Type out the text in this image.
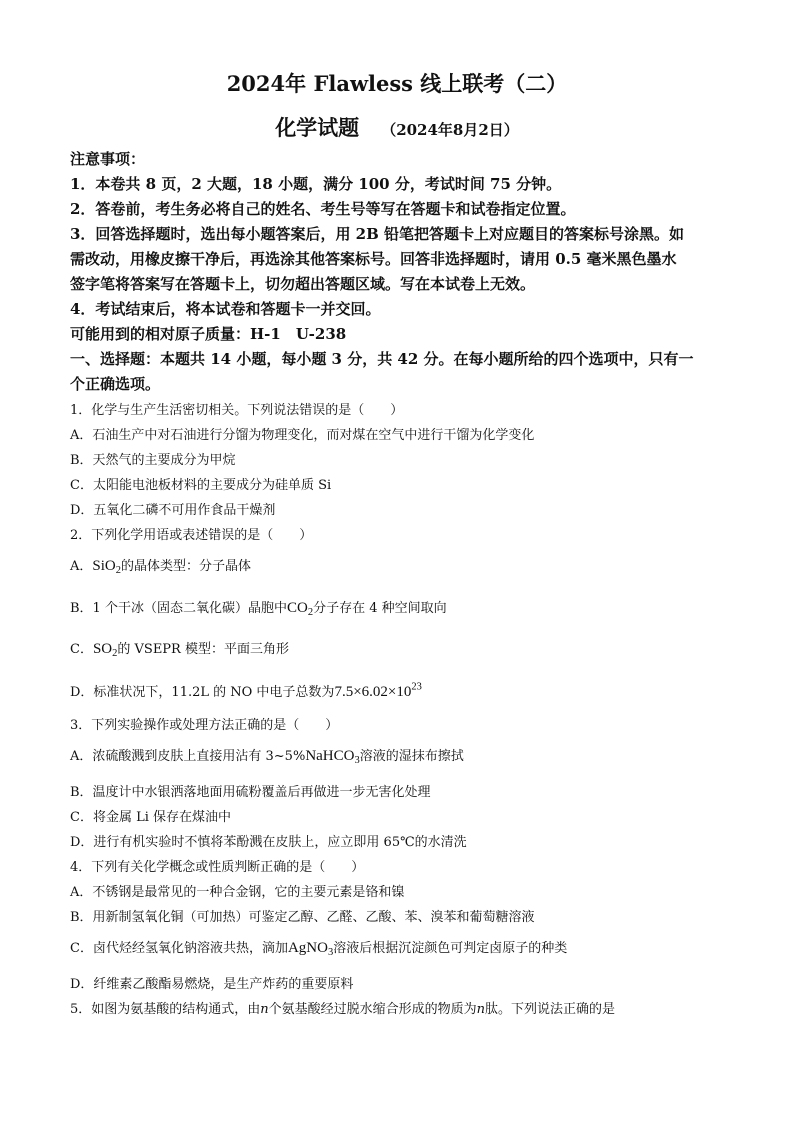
2024年 Flawless 线上联考（二）
化学试题 （2024年8月2日）
注意事项：
1．本卷共 8 页，2 大题，18 小题，满分 100 分，考试时间 75 分钟。
2．答卷前，考生务必将自己的姓名、考生号等写在答题卡和试卷指定位置。
3．回答选择题时，选出每小题答案后，用 2B 铅笔把答题卡上对应题目的答案标号涂黑。如
需改动，用橡皮擦干净后，再选涂其他答案标号。回答非选择题时，请用 0.5 毫米黑色墨水
签字笔将答案写在答题卡上，切勿超出答题区域。写在本试卷上无效。
4．考试结束后，将本试卷和答题卡一并交回。
可能用到的相对原子质量：H-1　U-238
一、选择题：本题共 14 小题，每小题 3 分，共 42 分。在每小题所给的四个选项中，只有一
个正确选项。
1．化学与生产生活密切相关。下列说法错误的是（　　）
A．石油生产中对石油进行分馏为物理变化，而对煤在空气中进行干馏为化学变化
B．天然气的主要成分为甲烷
C．太阳能电池板材料的主要成分为硅单质 Si
D．五氧化二磷不可用作食品干燥剂
2．下列化学用语或表述错误的是（　　）
A．SiO$_2$的晶体类型：分子晶体
B．1 个干冰（固态二氧化碳）晶胞中$CO_2$分子存在 4 种空间取向
C．$SO_2$的 VSEPR 模型：平面三角形
D．标准状况下，11.2L 的 NO 中电子总数为$7.5\times 6.02\times 10^{23}$
3．下列实验操作或处理方法正确的是（　　）
A．浓硫酸溅到皮肤上直接用沾有 3~5%NaHCO$_3$溶液的湿抹布擦拭
B．温度计中水银洒落地面用硫粉覆盖后再做进一步无害化处理
C．将金属 Li 保存在煤油中
D．进行有机实验时不慎将苯酚溅在皮肤上，应立即用 65℃的水清洗
4．下列有关化学概念或性质判断正确的是（　　）
A．不锈钢是最常见的一种合金钢，它的主要元素是铬和镍
B．用新制氢氧化铜（可加热）可鉴定乙醇、乙醛、乙酸、苯、溴苯和葡萄糖溶液
C．卤代烃经氢氧化钠溶液共热，滴加AgNO$_3$溶液后根据沉淀颜色可判定卤原子的种类
D．纤维素乙酸酯易燃烧，是生产炸药的重要原料
5．如图为氨基酸的结构通式，由n个氨基酸经过脱水缩合形成的物质为n肽。下列说法正确的是
